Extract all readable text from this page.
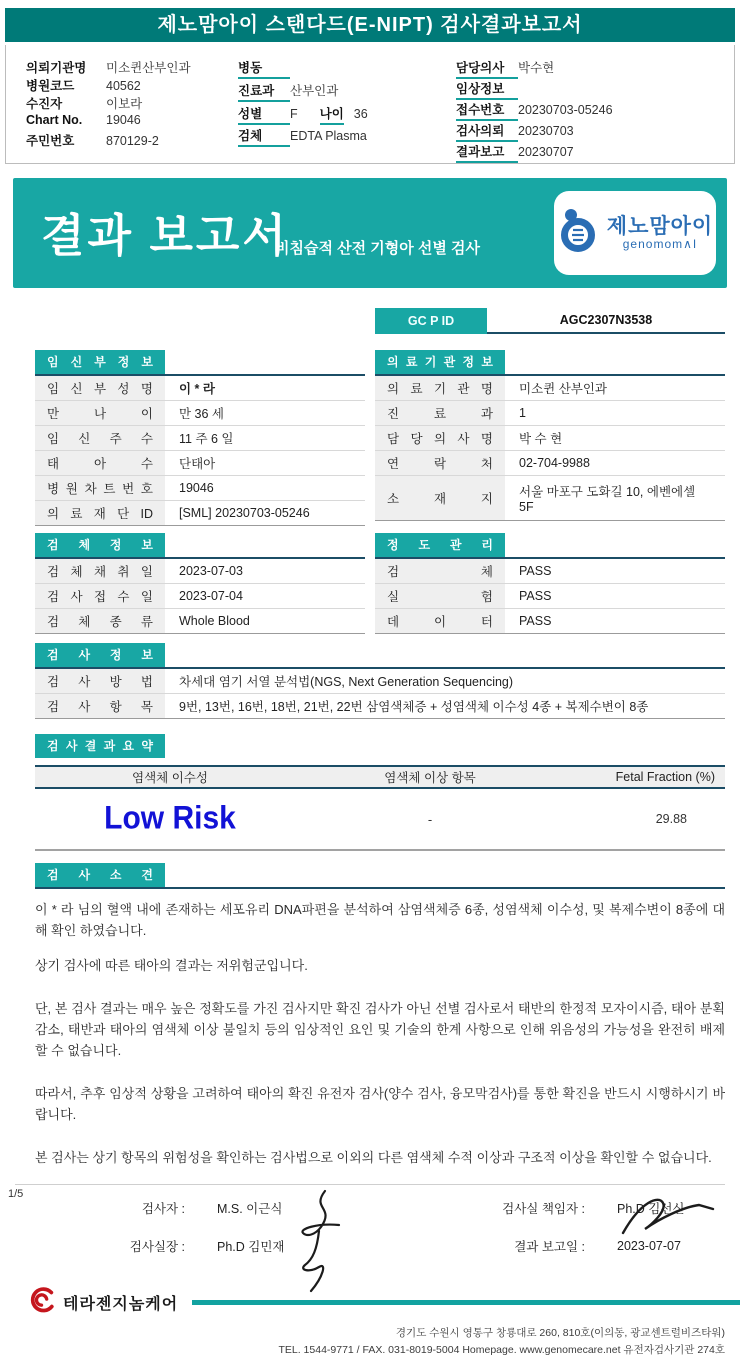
제노맘아이 스탠다드(E-NIPT) 검사결과보고서
의뢰기관명	미소퀸산부인과
병원코드	40562
수진자	이보라
Chart No.	19046
주민번호	870129-2
병동
진료과	산부인과
성별	F 나이 36
검체	EDTA Plasma
담당의사	박수현
임상정보
접수번호	20230703-05246
검사의뢰	20230703
결과보고	20230707
결과 보고서
비침습적 산전 기형아 선별 검사
제노맘아이
genomom∧I
GC P ID	AGC2307N3538
임 신 부 정 보
임 신 부 성 명	이 * 라
만 나 이	만 36 세
임 신 주 수	11 주 6 일
태 아 수	단태아
병 원 차 트 번 호	19046
의 료 재 단 ID	[SML] 20230703-05246
의 료 기 관 정 보
의 료 기 관 명	미소퀸 산부인과
진 료 과	1
담 당 의 사 명	박 수 현
연 락 처	02-704-9988
소 재 지	서울 마포구 도화길 10, 에벤에셀 5F
검 체 정 보
검 체 채 취 일	2023-07-03
검 사 접 수 일	2023-07-04
검 체 종 류	Whole Blood
정 도 관 리
검 체	PASS
실 험	PASS
데 이 터	PASS
검 사 정 보
검 사 방 법	차세대 염기 서열 분석법(NGS, Next Generation Sequencing)
검 사 항 목	9번, 13번, 16번, 18번, 21번, 22번 삼염색체증 + 성염색체 이수성 4종 + 복제수변이 8종
검 사 결 과 요 약
염색체 이수성	염색체 이상 항목	Fetal Fraction (%)
Low Risk	-	29.88
검 사 소 견

이 * 라 님의 혈액 내에 존재하는 세포유리 DNA파편을 분석하여 삼염색체증 6종, 성염색체 이수성, 및 복제수변이 8종에 대해 확인 하였습니다.

상기 검사에 따른 태아의 결과는 저위험군입니다.

단, 본 검사 결과는 매우 높은 정확도를 가진 검사지만 확진 검사가 아닌 선별 검사로서 태반의 한정적 모자이시즘, 태아 분획 감소, 태반과 태아의 염색체 이상 불일치 등의 임상적인 요인 및 기술의 한계 사항으로 인해 위음성의 가능성을 완전히 배제할 수 없습니다.

따라서, 추후 임상적 상황을 고려하여 태아의 확진 유전자 검사(양수 검사, 융모막검사)를 통한 확진을 반드시 시행하시기 바랍니다.

본 검사는 상기 항목의 위험성을 확인하는 검사법으로 이외의 다른 염색체 수적 이상과 구조적 이상을 확인할 수 없습니다.

검사자 :	M.S. 이근식	검사실 책임자 :	Ph.D 김선신
검사실장 :	Ph.D 김민재	결과 보고일 :	2023-07-07
테라젠지놈케어
경기도 수원시 영통구 창룡대로 260, 810호(이의동, 광교센트럴비즈타워)
TEL. 1544-9771 / FAX. 031-8019-5004 Homepage. www.genomecare.net 유전자검사기관 274호
1/5
